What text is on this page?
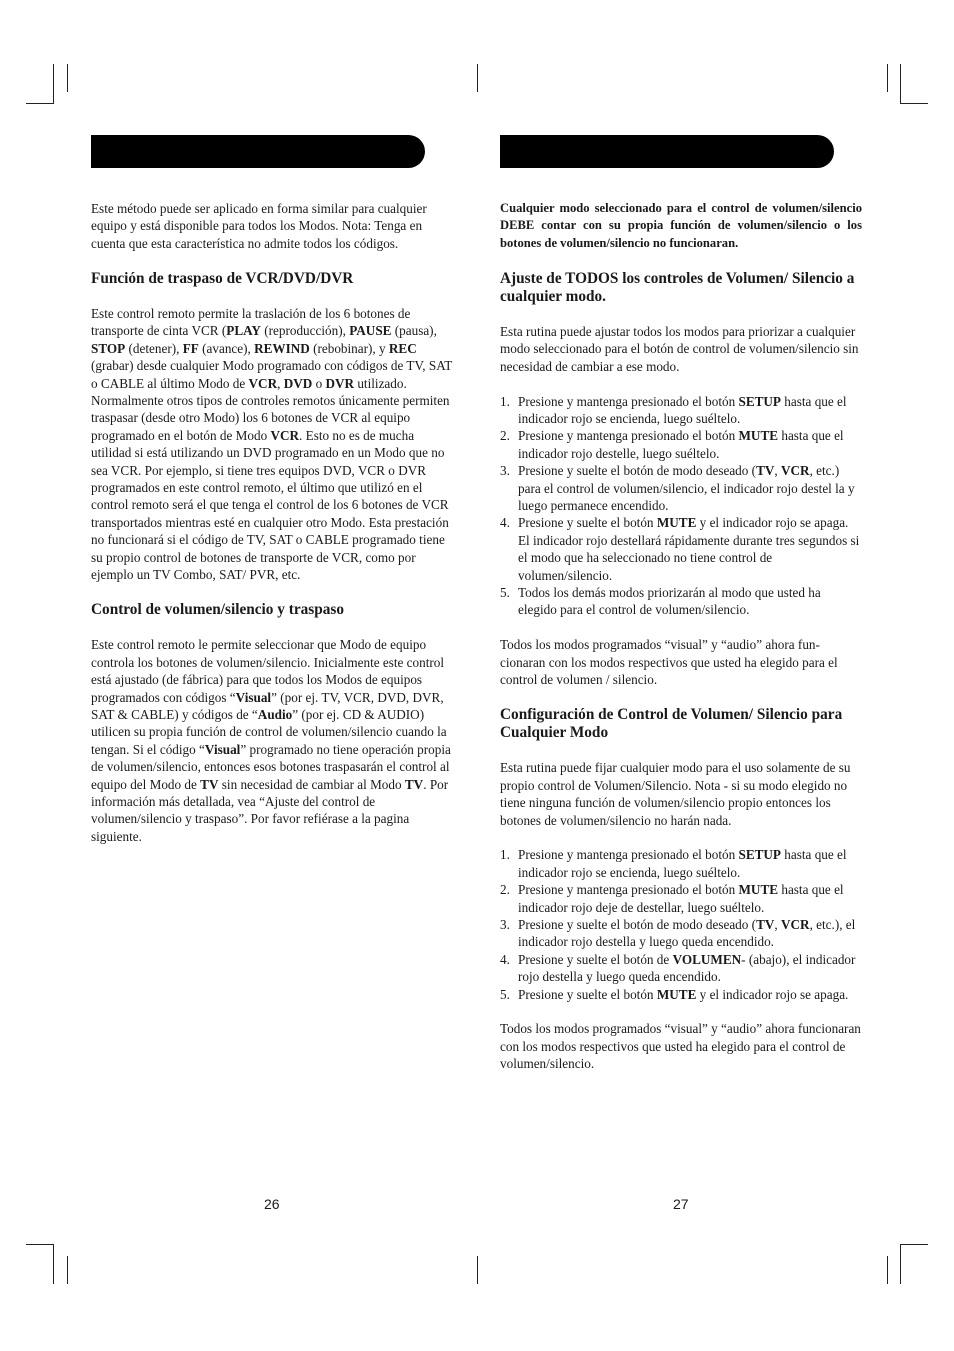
Este método puede ser aplicado en forma similar para cualquier equipo y está disponible para todos los Modos. Nota: Tenga en cuenta que esta característica no admite todos los códigos.

Función de traspaso de VCR/DVD/DVR

Este control remoto permite la traslación de los 6 botones de transporte de cinta VCR (PLAY (reproducción), PAUSE (pausa), STOP (detener), FF (avance), REWIND (rebobinar), y REC (grabar) desde cualquier Modo programado con códigos de TV, SAT o CABLE al último Modo de VCR, DVD o DVR utilizado. Normalmente otros tipos de controles remotos únicamente permiten traspasar (desde otro Modo) los 6 botones de VCR al equipo programado en el botón de Modo VCR. Esto no es de mucha utilidad si está utilizando un DVD programado en un Modo que no sea VCR. Por ejemplo, si tiene tres equipos DVD, VCR o DVR programados en este control remoto, el último que utilizó en el control remoto será el que tenga el control de los 6 botones de VCR transportados mientras esté en cualquier otro Modo. Esta prestación no funcionará si el código de TV, SAT o CABLE programado tiene su propio control de botones de transporte de VCR, como por ejemplo un TV Combo, SAT/ PVR, etc.

Control de volumen/silencio y traspaso

Este control remoto le permite seleccionar que Modo de equipo controla los botones de volumen/silencio. Inicialmente este control está ajustado (de fábrica) para que todos los Modos de equipos programados con códigos “Visual” (por ej. TV, VCR, DVD, DVR, SAT & CABLE) y códigos de “Audio” (por ej. CD & AUDIO) utilicen su propia función de control de volumen/silencio cuando la tengan. Si el código “Visual” programado no tiene operación propia de volumen/silencio, entonces esos botones traspasarán el control al equipo del Modo de TV sin necesidad de cambiar al Modo TV. Por información más detallada, vea “Ajuste del control de volumen/silencio y traspaso”. Por favor refiérase a la pagina siguiente.

Cualquier modo seleccionado para el control de volumen/silencio DEBE contar con su propia función de volumen/silencio o los botones de volumen/silencio no funcionaran.

Ajuste de TODOS los controles de Volumen/ Silencio a cualquier modo.

Esta rutina puede ajustar todos los modos para priorizar a cualquier modo seleccionado para el botón de control de volumen/silencio sin necesidad de cambiar a ese modo.

1. Presione y mantenga presionado el botón SETUP hasta que el indicador rojo se encienda, luego suéltelo.
2. Presione y mantenga presionado el botón MUTE hasta que el indicador rojo destelle, luego suéltelo.
3. Presione y suelte el botón de modo deseado (TV, VCR, etc.) para el control de volumen/silencio, el indicador rojo destel la y luego permanece encendido.
4. Presione y suelte el botón MUTE y el indicador rojo se apaga. El indicador rojo destellará rápidamente durante tres segundos si el modo que ha seleccionado no tiene control de volumen/silencio.
5. Todos los demás modos priorizarán al modo que usted ha elegido para el control de volumen/silencio.

Todos los modos programados “visual” y “audio” ahora fun-cionaran con los modos respectivos que usted ha elegido para el control de volumen / silencio.

Configuración de Control de Volumen/ Silencio para Cualquier Modo

Esta rutina puede fijar cualquier modo para el uso solamente de su propio control de Volumen/Silencio. Nota - si su modo elegido no tiene ninguna función de volumen/silencio propio entonces los botones de volumen/silencio no harán nada.

1. Presione y mantenga presionado el botón SETUP hasta que el indicador rojo se encienda, luego suéltelo.
2. Presione y mantenga presionado el botón MUTE hasta que el indicador rojo deje de destellar, luego suéltelo.
3. Presione y suelte el botón de modo deseado (TV, VCR, etc.), el indicador rojo destella y luego queda encendido.
4. Presione y suelte el botón de VOLUMEN- (abajo), el indicador rojo destella y luego queda encendido.
5. Presione y suelte el botón MUTE y el indicador rojo se apaga.

Todos los modos programados “visual” y “audio” ahora funcionaran con los modos respectivos que usted ha elegido para el control de volumen/silencio.

26	27
